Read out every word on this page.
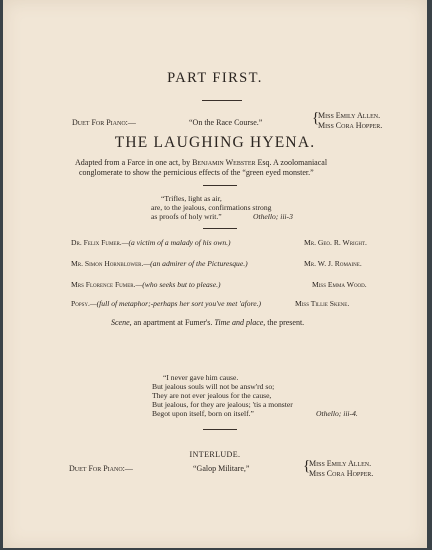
PART FIRST.
Duet For Piano:—	“On the Race Course.”	{
Miss Emily Allen.
Miss Cora Hopper.
THE LAUGHING HYENA.
Adapted from a Farce in one act, by Benjamin Webster Esq. A zoolomaniacal
conglomerate to show the pernicious effects of the “green eyed monster.”
“Trifles, light as air,
are, to the jealous, confirmations strong
as proofs of holy writ.”	Othello; iii-3
Dr. Felix Fumer.—(a victim of a malady of his own.)	Mr. Geo. R. Wright.
Mr. Simon Hornblower.—(an admirer of the Picturesque.)	Mr. W. J. Romaine.
Mrs Florence Fumer.—(who seeks but to please.)	Miss Emma Wood.
Popsy.—(full of metaphor;-perhaps her sort you've met 'afore.)	Miss Tillie Skene.
Scene, an apartment at Fumer's. Time and place, the present.
“I never gave him cause.
But jealous souls will not be answ'rd so;
They are not ever jealous for the cause,
But jealous, for they are jealous; 'tis a monster
Begot upon itself, born on itself.”	Othello; iii-4.
INTERLUDE.
Duet For Piano:—	“Galop Militare,”	{
Miss Emily Allen.
Miss Cora Hopper.
